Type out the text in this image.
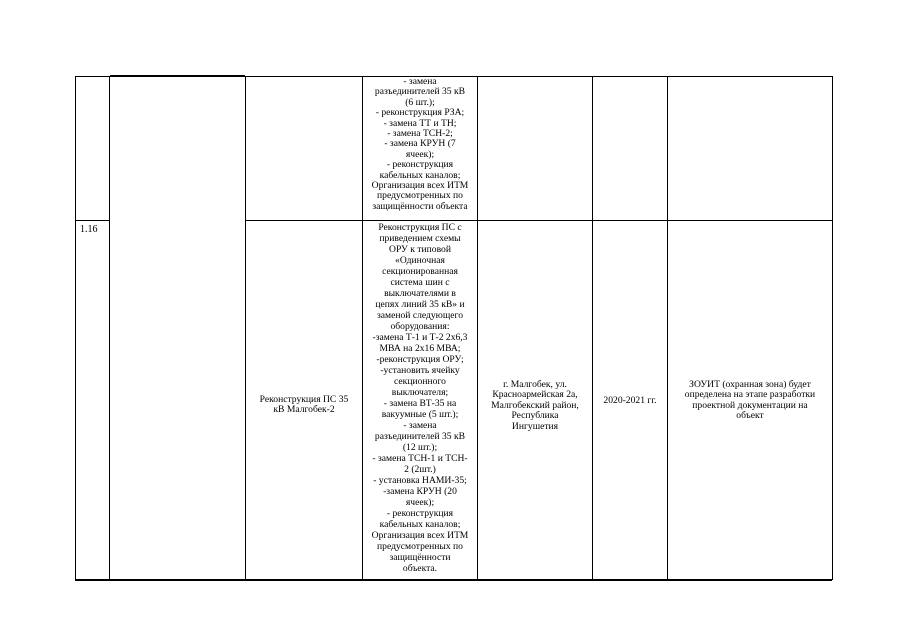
1.16
- замена
разъединителей 35 кВ
(6 шт.);
- реконструкция РЗА;
- замена ТТ и ТН;
- замена ТСН-2;
- замена КРУН (7
ячеек);
- реконструкция
кабельных каналов;
Организация всех ИТМ
предусмотренных по
защищённости объекта
Реконструкция ПС 35
кВ Малгобек-2
Реконструкция ПС с
приведением схемы
ОРУ к типовой
«Одиночная
секционированная
система шин с
выключателями в
цепях линий 35 кВ» и
заменой следующего
оборудования:
-замена Т-1 и Т-2 2х6,3
МВА на 2х16 МВА;
-реконструкция ОРУ;
-установить ячейку
секционного
выключателя;
- замена ВТ-35 на
вакуумные (5 шт.);
- замена
разъединителей 35 кВ
(12 шт.);
- замена ТСН-1 и ТСН-
2 (2шт.)
- установка НАМИ-35;
-замена КРУН (20
ячеек);
- реконструкция
кабельных каналов;
Организация всех ИТМ
предусмотренных по
защищённости
объекта.
г. Малгобек, ул.
Красноармейская 2а,
Малгобекский район,
Республика
Ингушетия
2020-2021 гг.
ЗОУИТ (охранная зона) будет
определена на этапе разработки
проектной документации на
объект
